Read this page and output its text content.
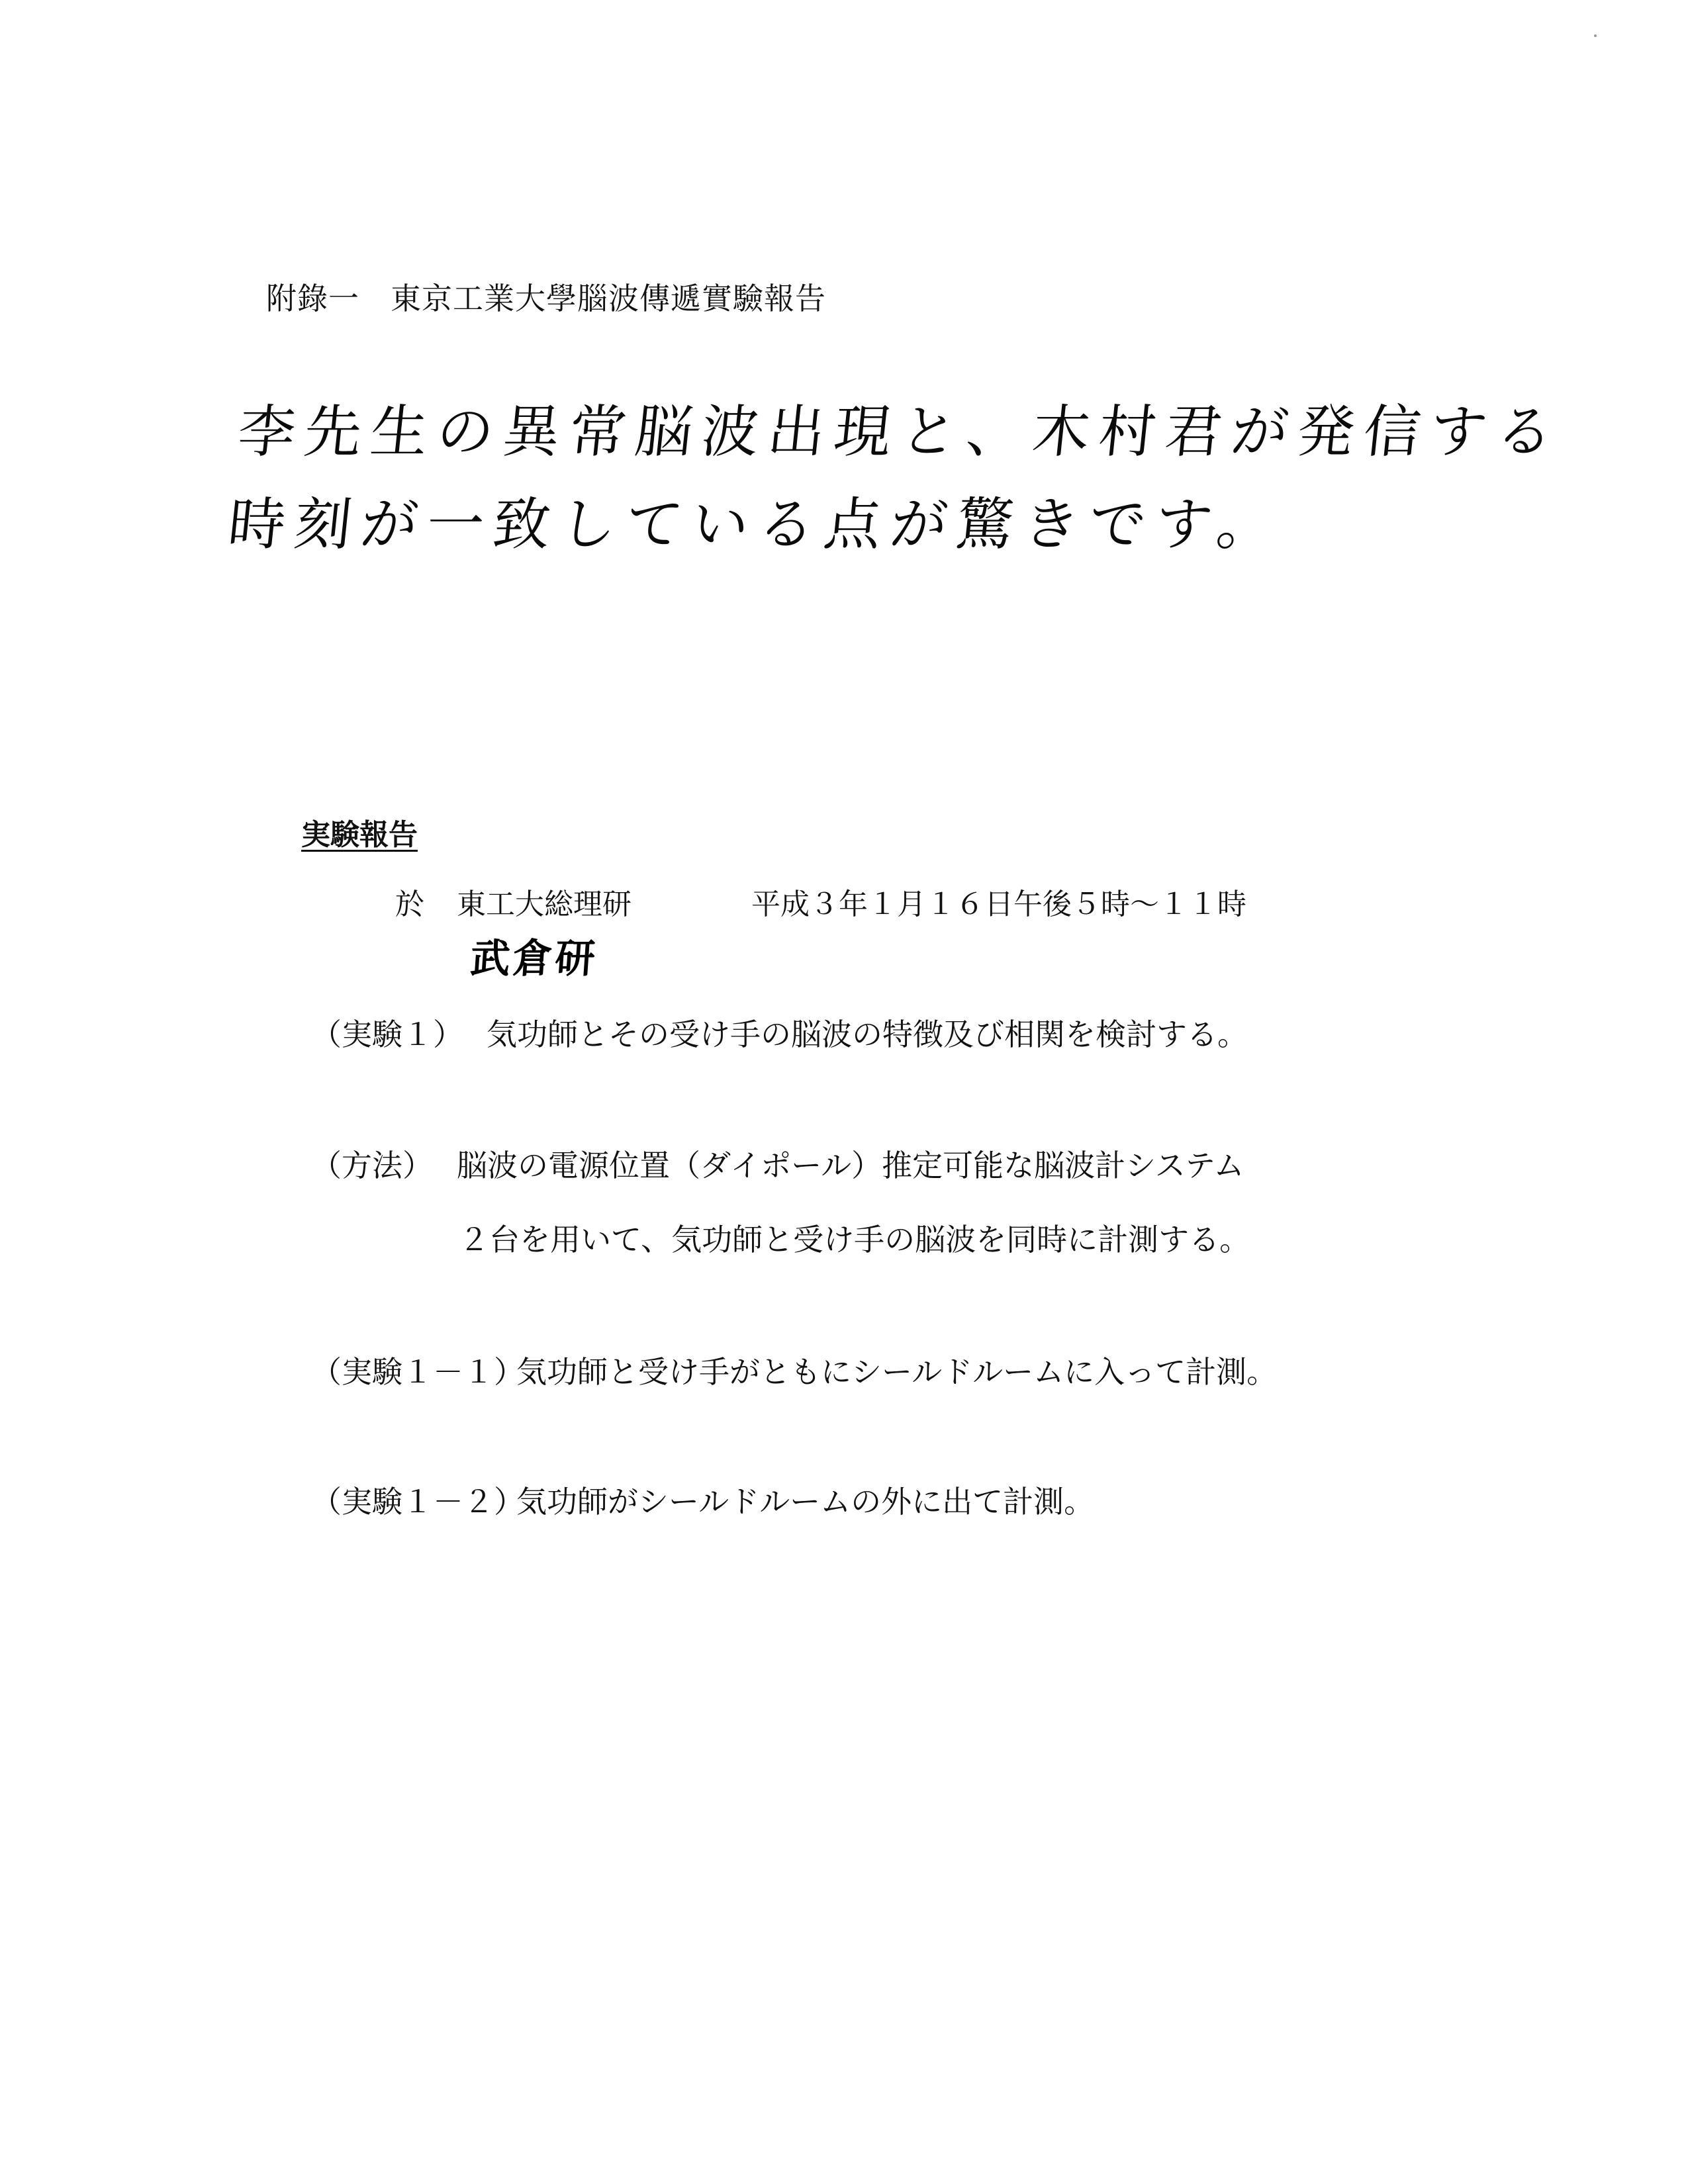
附錄一　東京工業大學腦波傳遞實驗報告
李先生の異常脳波出現と、木村君が発信する
時刻が一致している点が驚きです。
実験報告
於 東工大総理研	平成３年１月１６日午後５時～１１時
武倉研
（実験１） 気功師とその受け手の脳波の特徴及び相関を検討する。
（方法） 脳波の電源位置（ダイポール）推定可能な脳波計システム
２台を用いて、気功師と受け手の脳波を同時に計測する。
（実験１－１）
気功師と受け手がともにシールドルームに入って計測。
（実験１－２）
気功師がシールドルームの外に出て計測。
